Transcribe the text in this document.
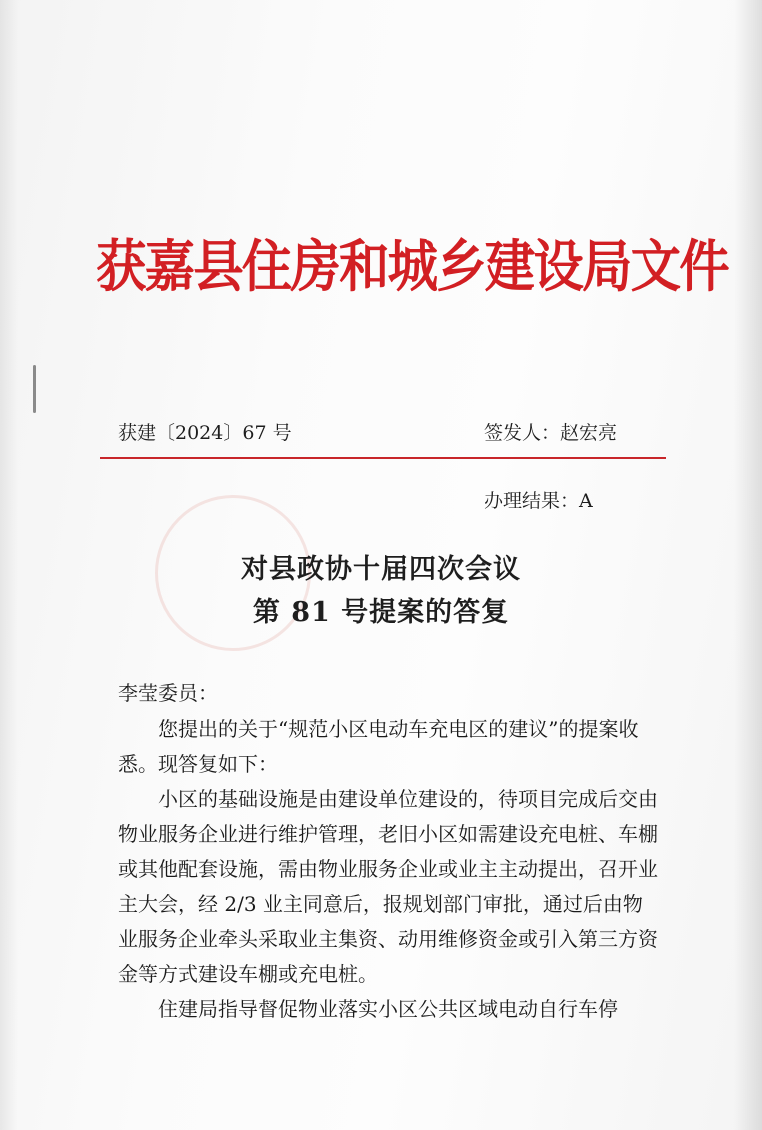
获嘉县住房和城乡建设局文件
获建〔2024〕67 号	签发人：赵宏亮
办理结果：A
对县政协十届四次会议
第 81 号提案的答复
李莹委员：
您提出的关于“规范小区电动车充电区的建议”的提案收悉。现答复如下：
小区的基础设施是由建设单位建设的，待项目完成后交由物业服务企业进行维护管理，老旧小区如需建设充电桩、车棚或其他配套设施，需由物业服务企业或业主主动提出，召开业主大会，经 2/3 业主同意后，报规划部门审批，通过后由物业服务企业牵头采取业主集资、动用维修资金或引入第三方资金等方式建设车棚或充电桩。
住建局指导督促物业落实小区公共区域电动自行车停
